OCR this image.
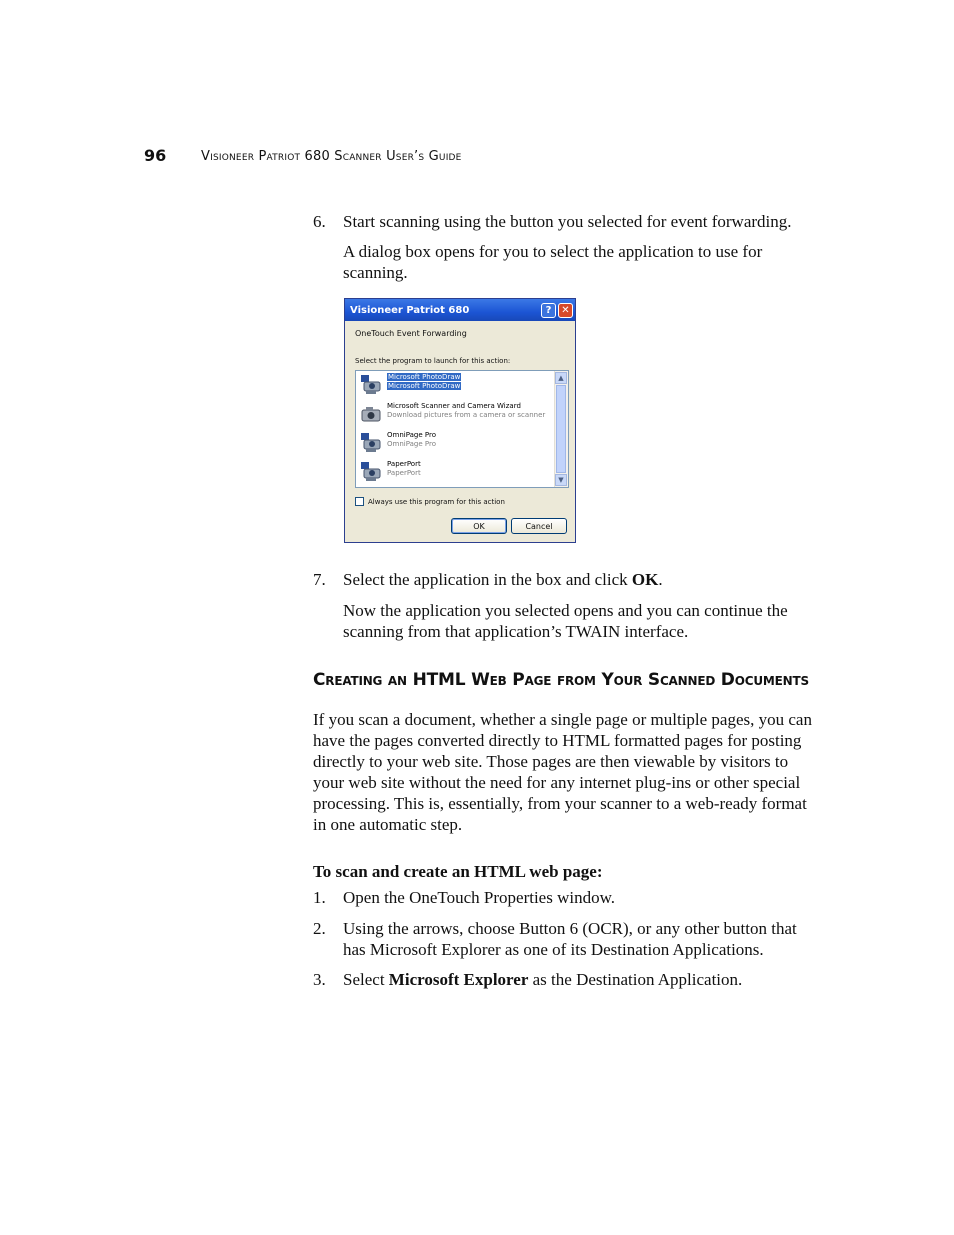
96	Visioneer Patriot 680 Scanner User’s Guide
6. Start scanning using the button you selected for event forwarding.
A dialog box opens for you to select the application to use for scanning.
Visioneer Patriot 680	? ✕
OneTouch Event Forwarding
Select the program to launch for this action:
Microsoft PhotoDraw
Microsoft PhotoDraw
Microsoft Scanner and Camera Wizard
Download pictures from a camera or scanner
OmniPage Pro
OmniPage Pro
PaperPort
PaperPort
▲
▼
Always use this program for this action
OK	Cancel
7. Select the application in the box and click OK.
Now the application you selected opens and you can continue the scanning from that application’s TWAIN interface.
Creating an HTML Web Page from Your Scanned Documents
If you scan a document, whether a single page or multiple pages, you can have the pages converted directly to HTML formatted pages for posting directly to your web site. Those pages are then viewable by visitors to your web site without the need for any internet plug-ins or other special processing. This is, essentially, from your scanner to a web-ready format in one automatic step.
To scan and create an HTML web page:
1. Open the OneTouch Properties window.
2. Using the arrows, choose Button 6 (OCR), or any other button that has Microsoft Explorer as one of its Destination Applications.
3. Select Microsoft Explorer as the Destination Application.
